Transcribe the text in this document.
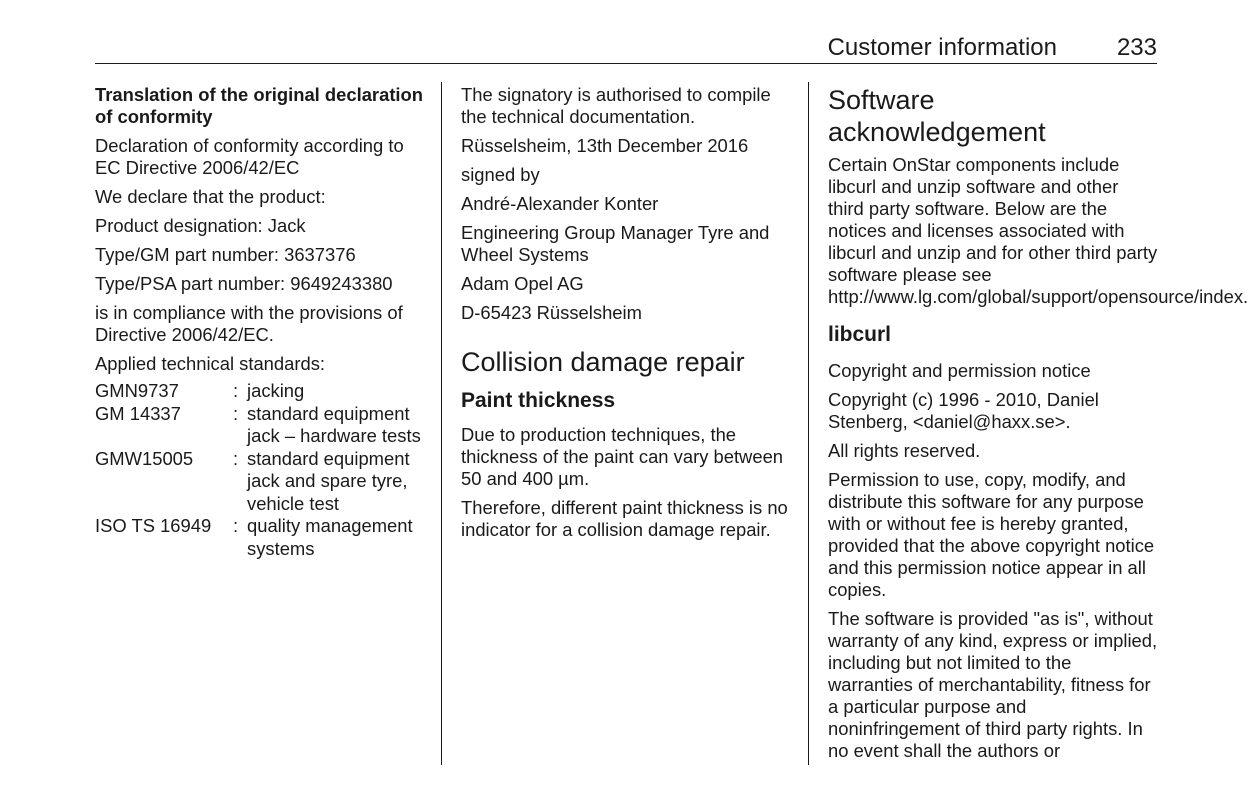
Customer information 233

Translation of the original declaration of conformity

Declaration of conformity according to EC Directive 2006/42/EC

We declare that the product:

Product designation: Jack

Type/GM part number: 3637376

Type/PSA part number: 9649243380

is in compliance with the provisions of Directive 2006/42/EC.

Applied technical standards:

GMN9737	:	jacking
GM 14337	:	standard equipment jack – hardware tests
GMW15005	:	standard equipment jack and spare tyre, vehicle test
ISO TS 16949	:	quality management systems

The signatory is authorised to compile the technical documentation.

Rüsselsheim, 13th December 2016

signed by

André-Alexander Konter

Engineering Group Manager Tyre and Wheel Systems

Adam Opel AG

D-65423 Rüsselsheim

Collision damage repair
Paint thickness

Due to production techniques, the thickness of the paint can vary between 50 and 400 µm.

Therefore, different paint thickness is no indicator for a collision damage repair.

Software acknowledgement

Certain OnStar components include libcurl and unzip software and other third party software. Below are the notices and licenses associated with libcurl and unzip and for other third party software please see http://www.lg.com/global/support/opensource/index.

libcurl

Copyright and permission notice

Copyright (c) 1996 - 2010, Daniel Stenberg, <daniel@haxx.se>.

All rights reserved.

Permission to use, copy, modify, and distribute this software for any purpose with or without fee is hereby granted, provided that the above copyright notice and this permission notice appear in all copies.

The software is provided "as is", without warranty of any kind, express or implied, including but not limited to the warranties of merchantability, fitness for a particular purpose and noninfringement of third party rights. In no event shall the authors or
